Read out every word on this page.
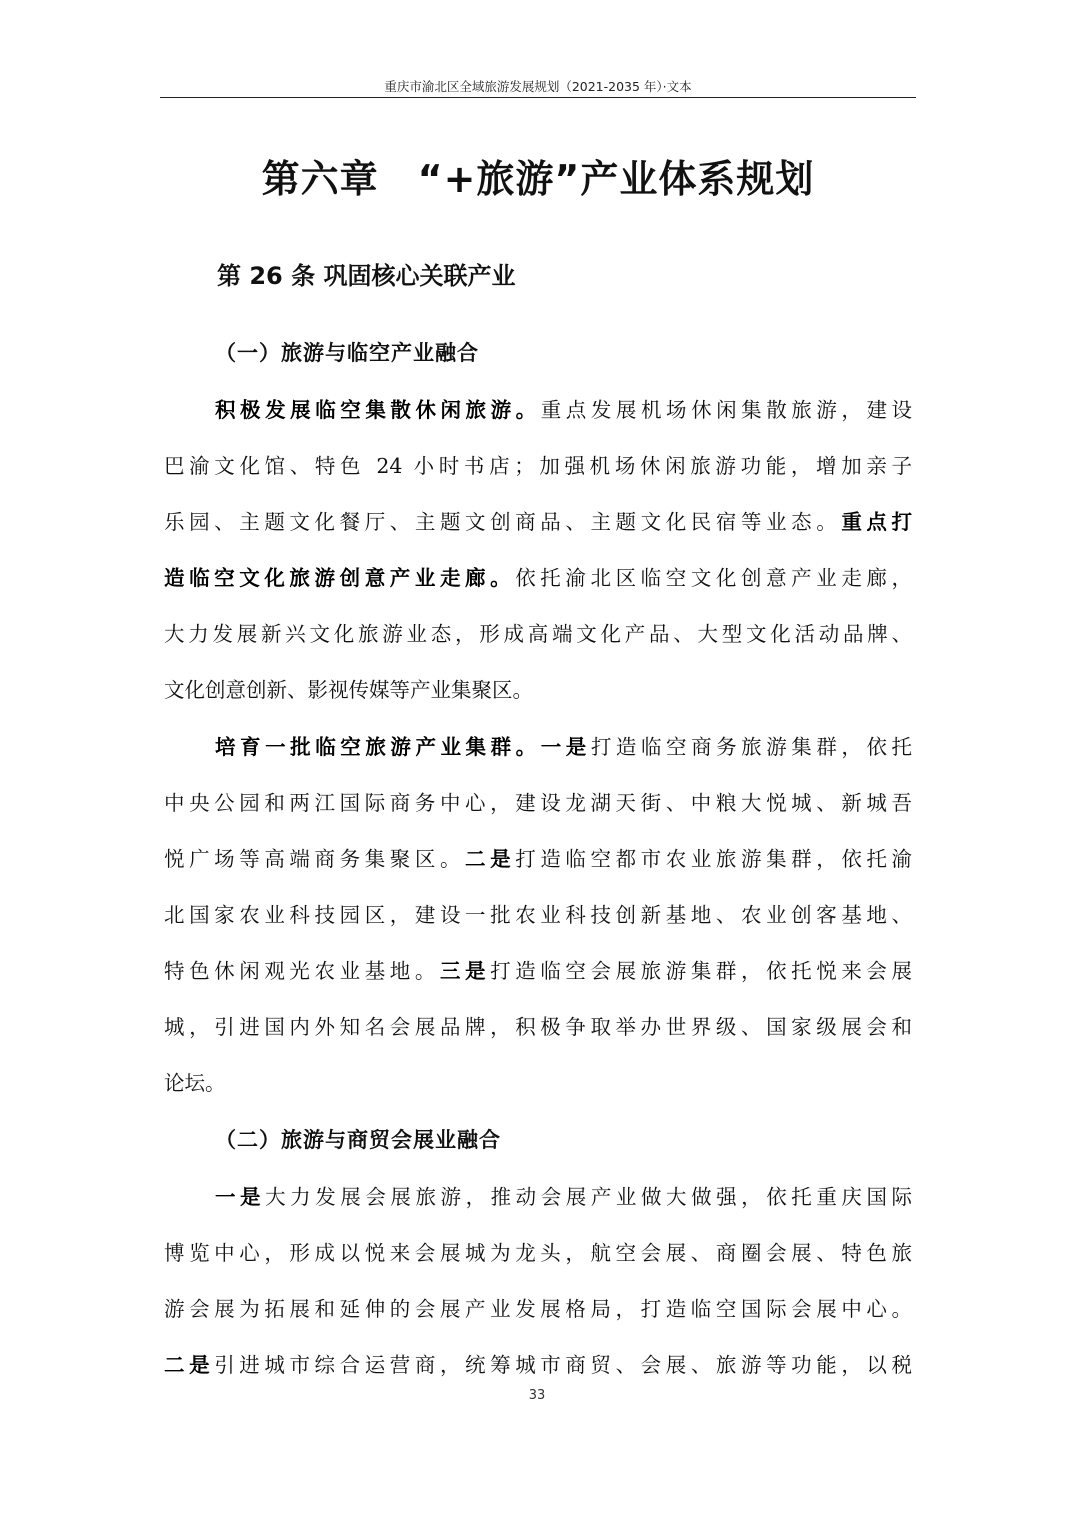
重庆市渝北区全域旅游发展规划（2021-2035 年）·文本
第六章　“+旅游”产业体系规划
第 26 条 巩固核心关联产业
（一）旅游与临空产业融合
积极发展临空集散休闲旅游。重点发展机场休闲集散旅游，建设
巴渝文化馆、特色 24 小时书店；加强机场休闲旅游功能，增加亲子
乐园、主题文化餐厅、主题文创商品、主题文化民宿等业态。重点打
造临空文化旅游创意产业走廊。依托渝北区临空文化创意产业走廊，
大力发展新兴文化旅游业态，形成高端文化产品、大型文化活动品牌、
文化创意创新、影视传媒等产业集聚区。
培育一批临空旅游产业集群。一是打造临空商务旅游集群，依托
中央公园和两江国际商务中心，建设龙湖天街、中粮大悦城、新城吾
悦广场等高端商务集聚区。二是打造临空都市农业旅游集群，依托渝
北国家农业科技园区，建设一批农业科技创新基地、农业创客基地、
特色休闲观光农业基地。三是打造临空会展旅游集群，依托悦来会展
城，引进国内外知名会展品牌，积极争取举办世界级、国家级展会和
论坛。
（二）旅游与商贸会展业融合
一是大力发展会展旅游，推动会展产业做大做强，依托重庆国际
博览中心，形成以悦来会展城为龙头，航空会展、商圈会展、特色旅
游会展为拓展和延伸的会展产业发展格局，打造临空国际会展中心。
二是引进城市综合运营商，统筹城市商贸、会展、旅游等功能，以税
33
